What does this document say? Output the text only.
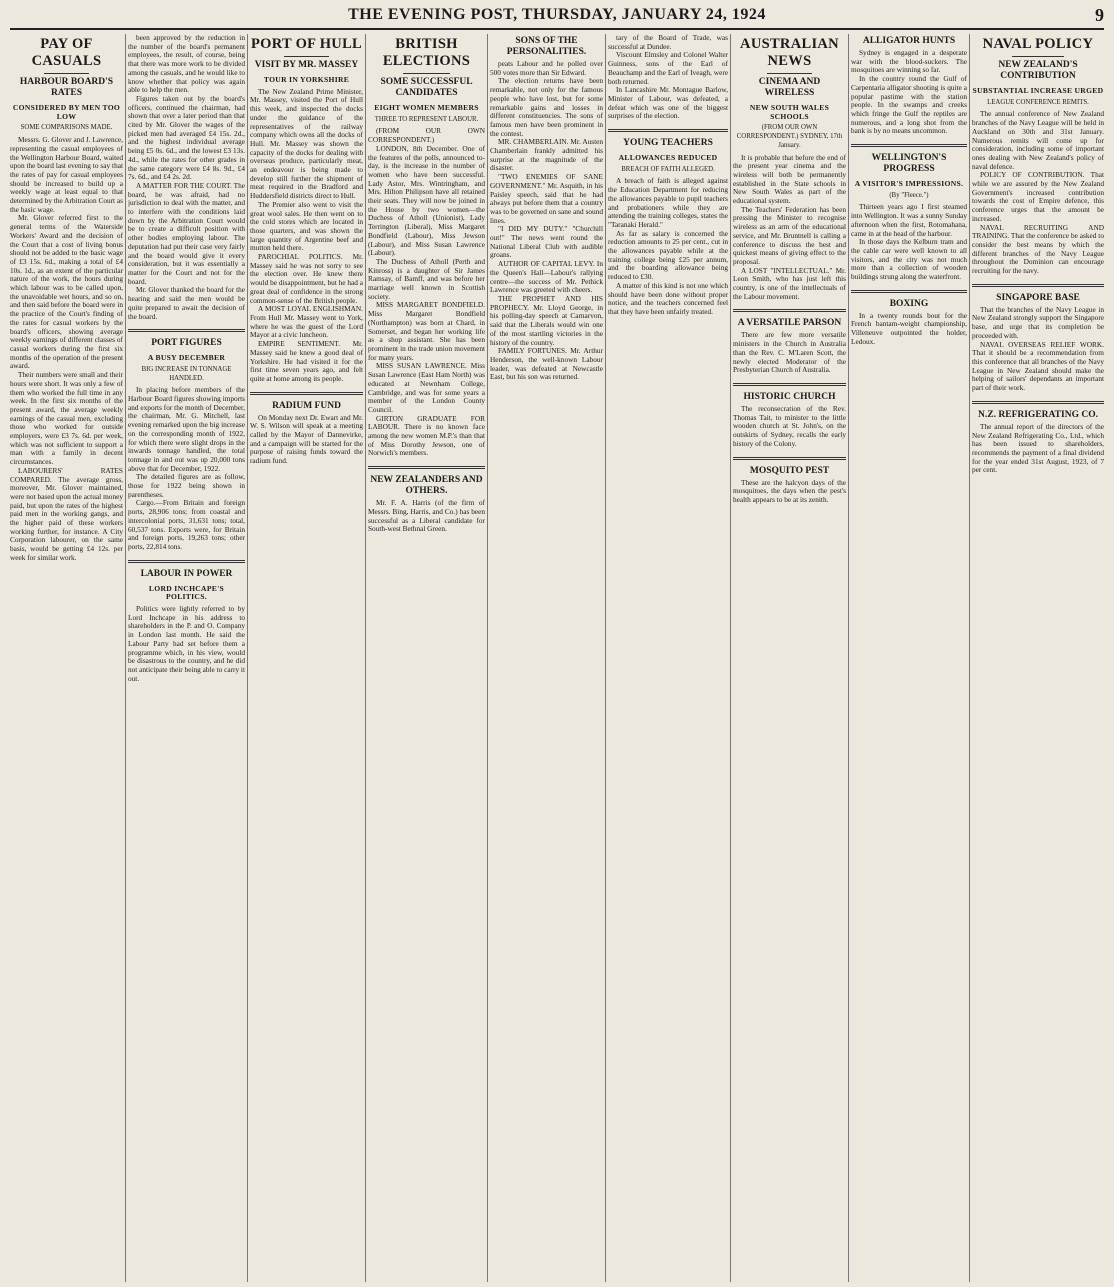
THE EVENING POST, THURSDAY, JANUARY 24, 1924	9
PAY OF CASUALS
HARBOUR BOARD'S RATES
CONSIDERED BY MEN TOO LOW
SOME COMPARISONS MADE.

Messrs. G. Glover and J. Lawrence, representing the casual employees of the Wellington Harbour Board, waited upon the board last evening to say that the rates of pay for casual employees should be increased to build up a weekly wage at least equal to that determined by the Arbitration Court as the basic wage.

Mr. Glover referred first to the general terms of the Waterside Workers' Award and the decision of the Court that a cost of living bonus should not be added to the basic wage of £3 15s. 6d., making a total of £4 10s. 1d., as an extent of the particular nature of the work, the hours during which labour was to be called upon, the unavoidable wet hours, and so on, and then said before the board were in the practice of the Court's finding of the rates for casual workers by the board's officers, showing average weekly earnings of different classes of casual workers during the first six months of the operation of the present award.

Their numbers were small and their hours were short. It was only a few of them who worked the full time in any week. In the first six months of the present award, the average weekly earnings of the casual men, excluding those who worked for outside employers, were £3 7s. 6d. per week, which was not sufficient to support a man with a family in decent circumstances.

LABOURERS' RATES COMPARED. The average gross, moreover, Mr. Glover maintained, were not based upon the actual money paid, but upon the rates of the highest paid men in the working gangs, and the higher paid of these workers working further, for instance. A City Corporation labourer, on the same basis, would be getting £4 12s. per week for similar work.

been approved by the reduction in the number of the board's permanent employees, the result, of course, being that there was more work to be divided among the casuals, and he would like to know whether that policy was again able to help the men.

Figures taken out by the board's officers, continued the chairman, had shown that over a later period than that cited by Mr. Glover the wages of the picked men had averaged £4 15s. 2d., and the highest individual average being £5 0s. 6d., and the lowest £3 13s. 4d., while the rates for other grades in the same category were £4 8s. 9d., £4 7s. 6d., and £4 2s. 2d.

A MATTER FOR THE COURT. The board, he was afraid, had no jurisdiction to deal with the matter, and to interfere with the conditions laid down by the Arbitration Court would be to create a difficult position with other bodies employing labour. The deputation had put their case very fairly and the board would give it every consideration, but it was essentially a matter for the Court and not for the board.

Mr. Glover thanked the board for the hearing and said the men would be quite prepared to await the decision of the board.

PORT FIGURES
A BUSY DECEMBER
BIG INCREASE IN TONNAGE HANDLED.

In placing before members of the Harbour Board figures showing imports and exports for the month of December, the chairman, Mr. G. Mitchell, last evening remarked upon the big increase on the corresponding month of 1922, for which there were slight drops in the inwards tonnage handled, the total tonnage in and out was up 20,000 tons above that for December, 1922.

The detailed figures are as follow, those for 1922 being shown in parentheses.

Cargo.—From Britain and foreign ports, 28,906 tons; from coastal and intercolonial ports, 31,631 tons; total, 60,537 tons. Exports were, for Britain and foreign ports, 19,263 tons; other ports, 22,814 tons.

LABOUR IN POWER
LORD INCHCAPE'S POLITICS.

Politics were lightly referred to by Lord Inchcape in his address to shareholders in the P. and O. Company in London last month. He said the Labour Party had set before them a programme which, in his view, would be disastrous to the country, and he did not anticipate their being able to carry it out.

PORT OF HULL
VISIT BY MR. MASSEY
TOUR IN YORKSHIRE

The New Zealand Prime Minister, Mr. Massey, visited the Port of Hull this week, and inspected the docks under the guidance of the representatives of the railway company which owns all the docks of Hull. Mr. Massey was shown the capacity of the docks for dealing with overseas produce, particularly meat, an endeavour is being made to develop still further the shipment of meat required in the Bradford and Huddersfield districts direct to Hull.

The Premier also went to visit the great wool sales. He then went on to the cold stores which are located in those quarters, and was shown the large quantity of Argentine beef and mutton held there.

PAROCHIAL POLITICS. Mr. Massey said he was not sorry to see the election over. He knew there would be disappointment, but he had a great deal of confidence in the strong common-sense of the British people.

A MOST LOYAL ENGLISHMAN. From Hull Mr. Massey went to York, where he was the guest of the Lord Mayor at a civic luncheon.

EMPIRE SENTIMENT. Mr. Massey said he knew a good deal of Yorkshire. He had visited it for the first time seven years ago, and felt quite at home among its people.

RADIUM FUND

On Monday next Dr. Ewart and Mr. W. S. Wilson will speak at a meeting called by the Mayor of Dannevirke, and a campaign will be started for the purpose of raising funds toward the radium fund.

BRITISH ELECTIONS
SOME SUCCESSFUL CANDIDATES
EIGHT WOMEN MEMBERS
THREE TO REPRESENT LABOUR.

(FROM OUR OWN CORRESPONDENT.)

LONDON, 8th December. One of the features of the polls, announced to-day, is the increase in the number of women who have been successful. Lady Astor, Mrs. Wintringham, and Mrs. Hilton Philipson have all retained their seats. They will now be joined in the House by two women—the Duchess of Atholl (Unionist), Lady Terrington (Liberal), Miss Margaret Bondfield (Labour), Miss Jewson (Labour), and Miss Susan Lawrence (Labour).

The Duchess of Atholl (Perth and Kinross) is a daughter of Sir James Ramsay, of Bamff, and was before her marriage well known in Scottish society.

MISS MARGARET BONDFIELD. Miss Margaret Bondfield (Northampton) was born at Chard, in Somerset, and began her working life as a shop assistant. She has been prominent in the trade union movement for many years.

MISS SUSAN LAWRENCE. Miss Susan Lawrence (East Ham North) was educated at Newnham College, Cambridge, and was for some years a member of the London County Council.

GIRTON GRADUATE FOR LABOUR. There is no known face among the new women M.P.'s than that of Miss Dorothy Jewson, one of Norwich's members.

NEW ZEALANDERS AND OTHERS.

Mr. F. A. Harris (of the firm of Messrs. Bing, Harris, and Co.) has been successful as a Liberal candidate for South-west Bethnal Green.

SONS OF THE PERSONALITIES.

peats Labour and he polled over 500 votes more than Sir Edward.

The election returns have been remarkable, not only for the famous people who have lost, but for some remarkable gains and losses in different constituencies. The sons of famous men have been prominent in the contest.

MR. CHAMBERLAIN. Mr. Austen Chamberlain frankly admitted his surprise at the magnitude of the disaster.

"TWO ENEMIES OF SANE GOVERNMENT." Mr. Asquith, in his Paisley speech, said that he had always put before them that a country was to be governed on sane and sound lines.

"I DID MY DUTY." "Churchill out!" The news went round the National Liberal Club with audible groans.

AUTHOR OF CAPITAL LEVY. In the Queen's Hall—Labour's rallying centre—the success of Mr. Pethick Lawrence was greeted with cheers.

THE PROPHET AND HIS PROPHECY. Mr. Lloyd George, in his polling-day speech at Carnarvon, said that the Liberals would win one of the most startling victories in the history of the country.

FAMILY FORTUNES. Mr. Arthur Henderson, the well-known Labour leader, was defeated at Newcastle East, but his son was returned.

tary of the Board of Trade, was successful at Dundee.

Viscount Elmsley and Colonel Walter Guinness, sons of the Earl of Beauchamp and the Earl of Iveagh, were both returned.

In Lancashire Mr. Montague Barlow, Minister of Labour, was defeated, a defeat which was one of the biggest surprises of the election.

YOUNG TEACHERS
ALLOWANCES REDUCED
BREACH OF FAITH ALLEGED.

A breach of faith is alleged against the Education Department for reducing the allowances payable to pupil teachers and probationers while they are attending the training colleges, states the "Taranaki Herald."

As far as salary is concerned the reduction amounts to 25 per cent., cut in the allowances payable while at the training college being £25 per annum, and the boarding allowance being reduced to £30.

A matter of this kind is not one which should have been done without proper notice, and the teachers concerned feel that they have been unfairly treated.

AUSTRALIAN NEWS
CINEMA AND WIRELESS
NEW SOUTH WALES SCHOOLS
(FROM OUR OWN CORRESPONDENT.) SYDNEY, 17th January.

It is probable that before the end of the present year cinema and the wireless will both be permanently established in the State schools in New South Wales as part of the educational system.

The Teachers' Federation has been pressing the Minister to recognise wireless as an arm of the educational service, and Mr. Bruntnell is calling a conference to discuss the best and quickest means of giving effect to the proposal.

A LOST "INTELLECTUAL." Mr. Leon Smith, who has just left this country, is one of the intellectuals of the Labour movement.

A VERSATILE PARSON

There are few more versatile ministers in the Church in Australia than the Rev. C. M'Laren Scott, the newly elected Moderator of the Presbyterian Church of Australia.

HISTORIC CHURCH

The reconsecration of the Rev. Thomas Tait, to minister to the little wooden church at St. John's, on the outskirts of Sydney, recalls the early history of the Colony.

MOSQUITO PEST

These are the halcyon days of the mosquitoes, the days when the pest's health appears to be at its zenith.

ALLIGATOR HUNTS

Sydney is engaged in a desperate war with the blood-suckers. The mosquitoes are winning so far.

In the country round the Gulf of Carpentaria alligator shooting is quite a popular pastime with the station people. In the swamps and creeks which fringe the Gulf the reptiles are numerous, and a long shot from the bank is by no means uncommon.

WELLINGTON'S PROGRESS
A VISITOR'S IMPRESSIONS.
(By "Fleece.")

Thirteen years ago I first steamed into Wellington. It was a sunny Sunday afternoon when the first, Rotomahana, came in at the head of the harbour.

In those days the Kelburn tram and the cable car were well known to all visitors, and the city was not much more than a collection of wooden buildings strung along the waterfront.

BOXING

In a twenty rounds bout for the French bantam-weight championship, Villeneuve outpointed the holder, Ledoux.

NAVAL POLICY
NEW ZEALAND'S CONTRIBUTION
SUBSTANTIAL INCREASE URGED
LEAGUE CONFERENCE REMITS.

The annual conference of New Zealand branches of the Navy League will be held in Auckland on 30th and 31st January. Numerous remits will come up for consideration, including some of important ones dealing with New Zealand's policy of naval defence.

POLICY OF CONTRIBUTION. That while we are assured by the New Zealand Government's increased contribution towards the cost of Empire defence, this conference urges that the amount be increased.

NAVAL RECRUITING AND TRAINING. That the conference be asked to consider the best means by which the different branches of the Navy League throughout the Dominion can encourage recruiting for the navy.

SINGAPORE BASE

That the branches of the Navy League in New Zealand strongly support the Singapore base, and urge that its completion be proceeded with.

NAVAL OVERSEAS RELIEF WORK. That it should be a recommendation from this conference that all branches of the Navy League in New Zealand should make the helping of sailors' dependants an important part of their work.

N.Z. REFRIGERATING CO.

The annual report of the directors of the New Zealand Refrigerating Co., Ltd., which has been issued to shareholders, recommends the payment of a final dividend for the year ended 31st August, 1923, of 7 per cent.
